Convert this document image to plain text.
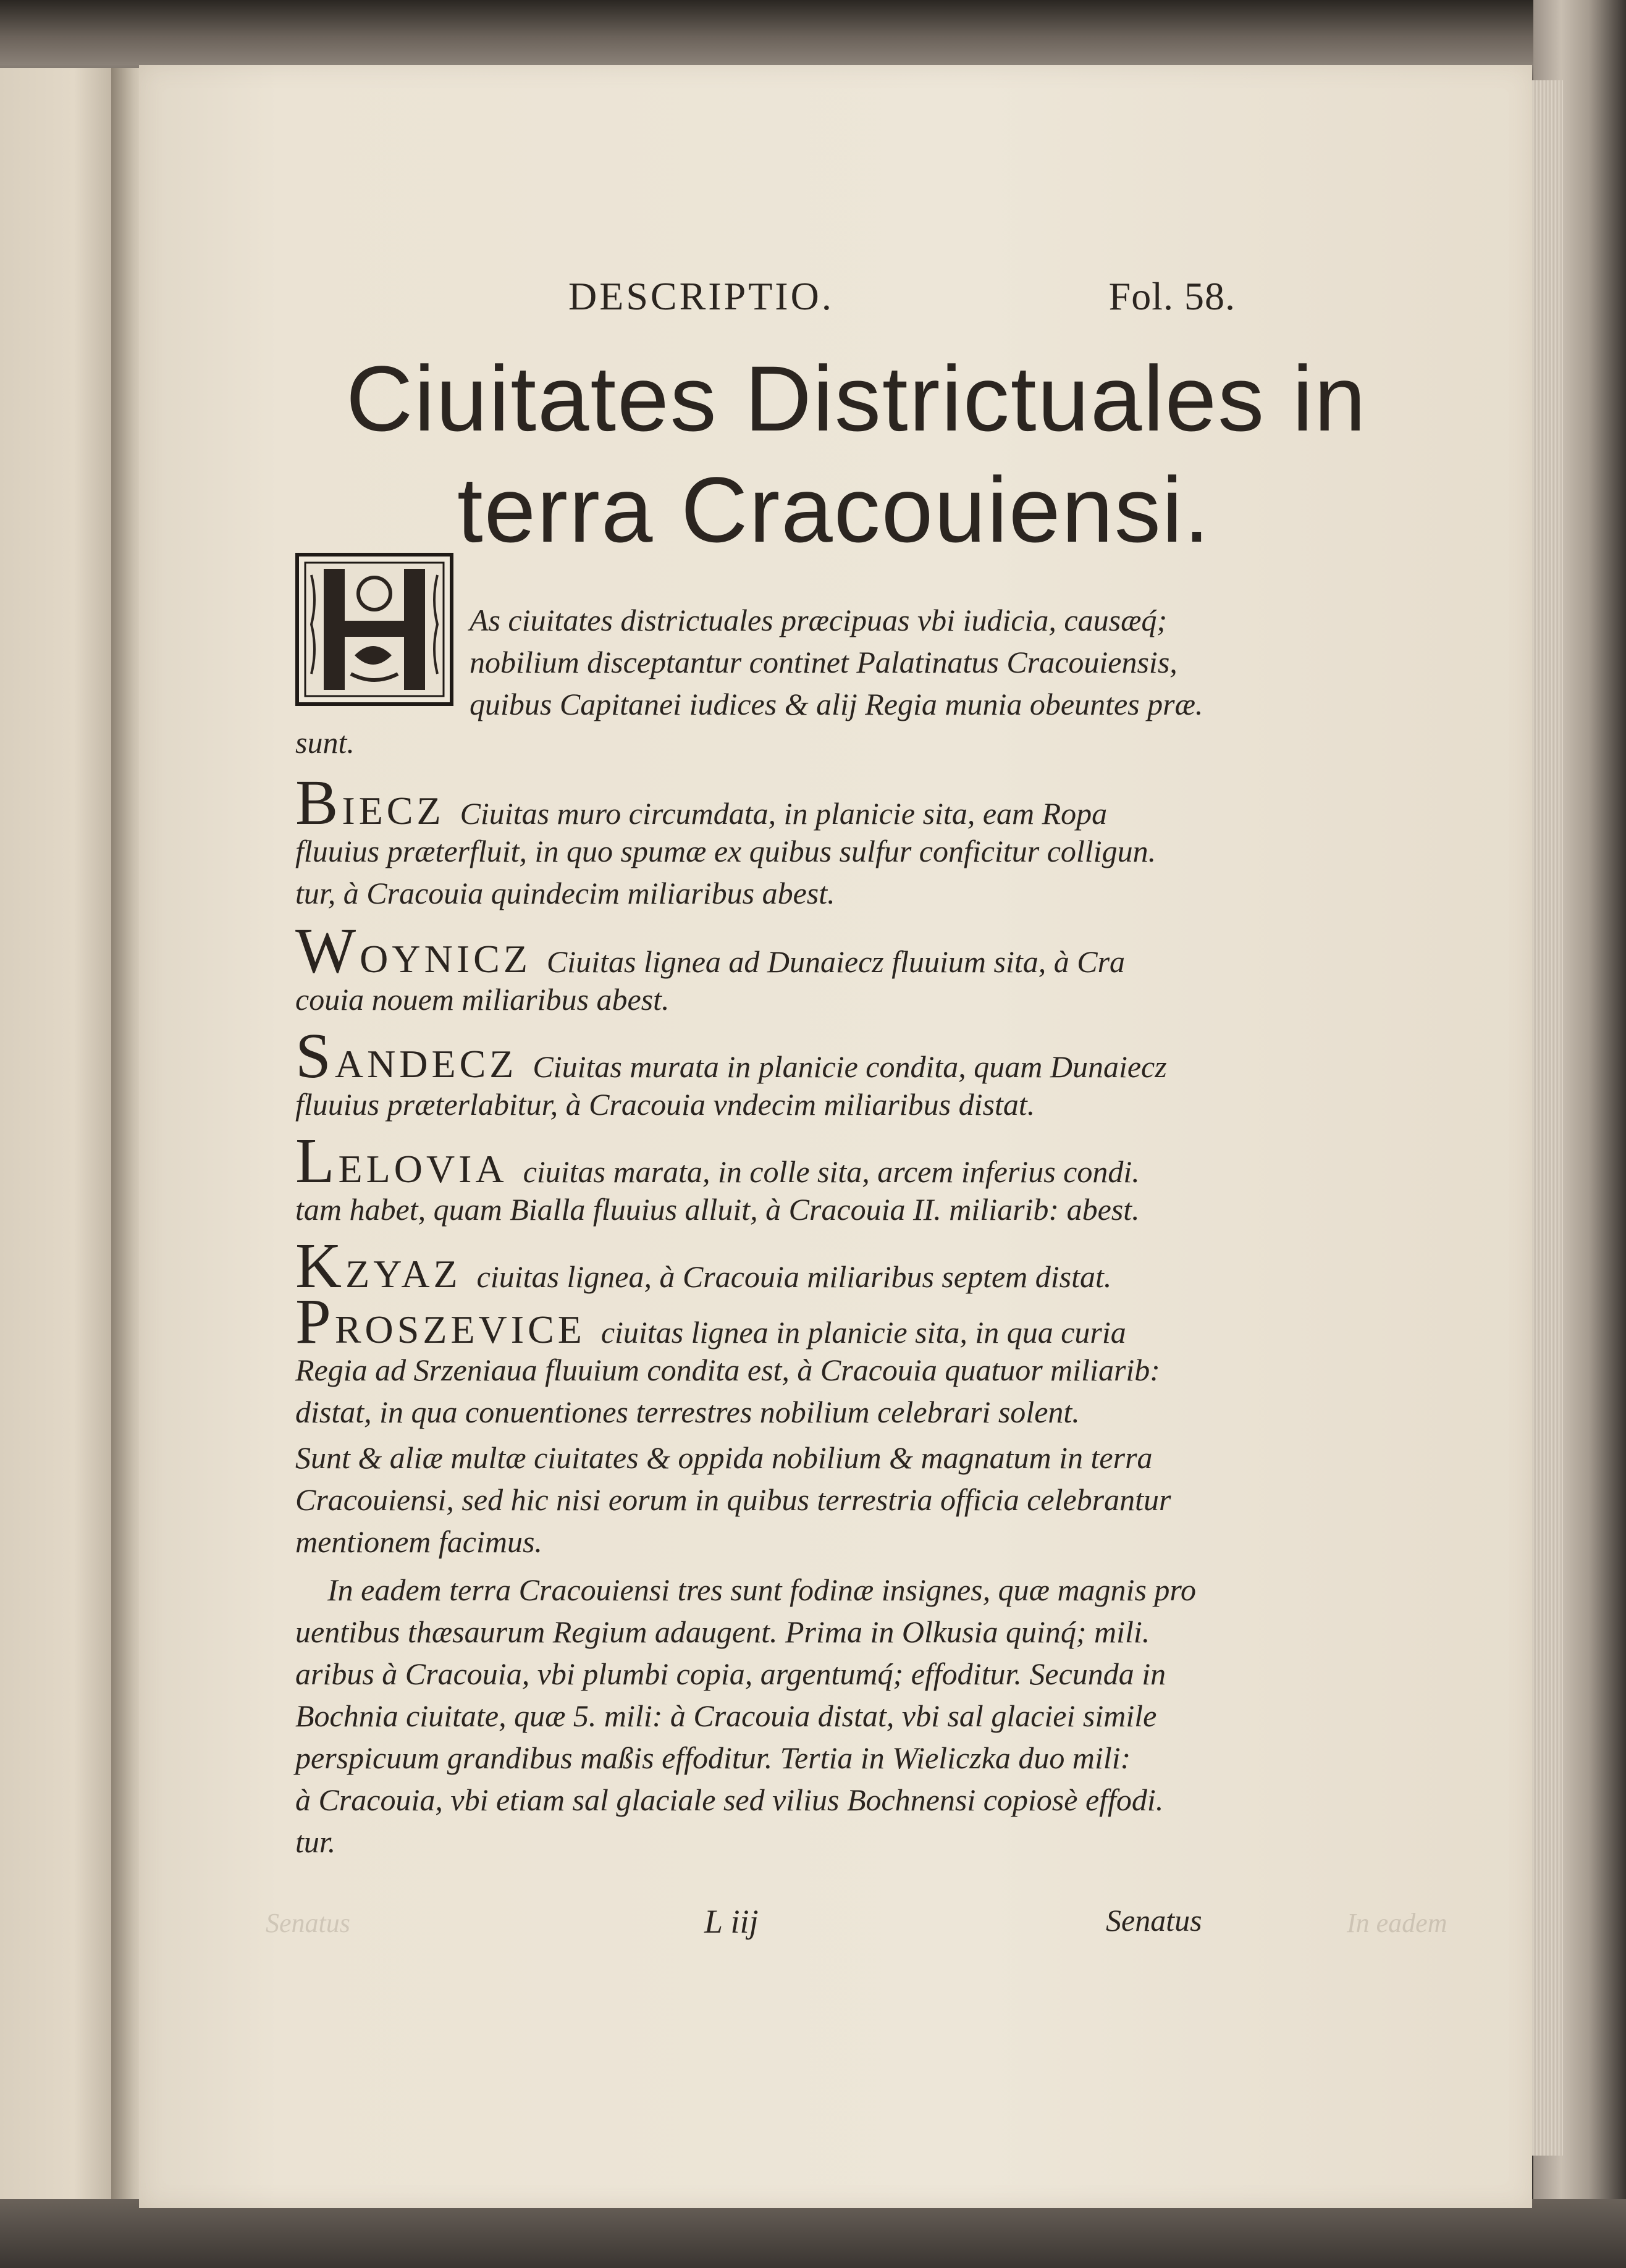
DESCRIPTIO.	Fol. 58.
Ciuitates Districtuales in
terra Cracouiensi.
As ciuitates districtuales præcipuas vbi iudicia, causæq́;
nobilium disceptantur continet Palatinatus Cracouiensis,
quibus Capitanei iudices & alij Regia munia obeuntes præ.
sunt.
BIECZ Ciuitas muro circumdata, in planicie sita, eam Ropa
fluuius præterfluit, in quo spumæ ex quibus sulfur conficitur colligun.
tur, à Cracouia quindecim miliaribus abest.
WOYNICZ Ciuitas lignea ad Dunaiecz fluuium sita, à Cra
couia nouem miliaribus abest.
SANDECZ Ciuitas murata in planicie condita, quam Dunaiecz
fluuius præterlabitur, à Cracouia vndecim miliaribus distat.
LELOVIA ciuitas marata, in colle sita, arcem inferius condi.
tam habet, quam Bialla fluuius alluit, à Cracouia II. miliarib: abest.
KZYAZ ciuitas lignea, à Cracouia miliaribus septem distat.
PROSZEVICE ciuitas lignea in planicie sita, in qua curia
Regia ad Srzeniaua fluuium condita est, à Cracouia quatuor miliarib:
distat, in qua conuentiones terrestres nobilium celebrari solent.
Sunt & aliæ multæ ciuitates & oppida nobilium & magnatum in terra
Cracouiensi, sed hic nisi eorum in quibus terrestria officia celebrantur
mentionem facimus.
In eadem terra Cracouiensi tres sunt fodinæ insignes, quæ magnis pro
uentibus thæsaurum Regium adaugent. Prima in Olkusia quinq́; mili.
aribus à Cracouia, vbi plumbi copia, argentumq́; effoditur. Secunda in
Bochnia ciuitate, quæ 5. mili: à Cracouia distat, vbi sal glaciei simile
perspicuum grandibus maßis effoditur. Tertia in Wieliczka duo mili:
à Cracouia, vbi etiam sal glaciale sed vilius Bochnensi copiosè effodi.
tur.
Senatus	In eadem
L iij	Senatus
